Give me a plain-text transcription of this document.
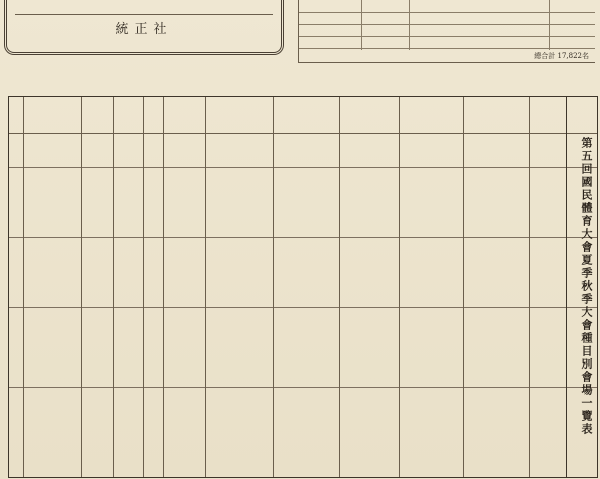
統正社
總合計 17,822名
第五回國民體育大會夏季秋季大會種目別會場一覽表
